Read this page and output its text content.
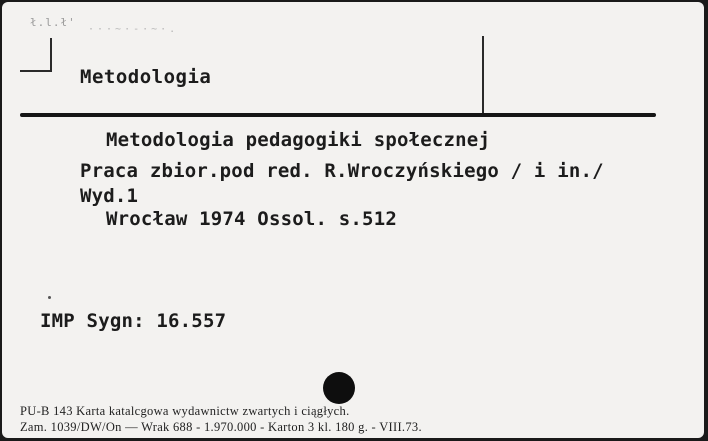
ł.l.ł'
···~·-·~·.
Metodologia
Metodologia pedagogiki społecznej
Praca zbior.pod red. R.Wroczyńskiego / i in./
Wyd.1
Wrocław 1974 Ossol. s.512
IMP Sygn: 16.557
PU-B 143 Karta katalcgowa wydawnictw zwartych i ciągłych.
Zam. 1039/DW/On — Wrak 688 - 1.970.000 - Karton 3 kl. 180 g. - VIII.73.
